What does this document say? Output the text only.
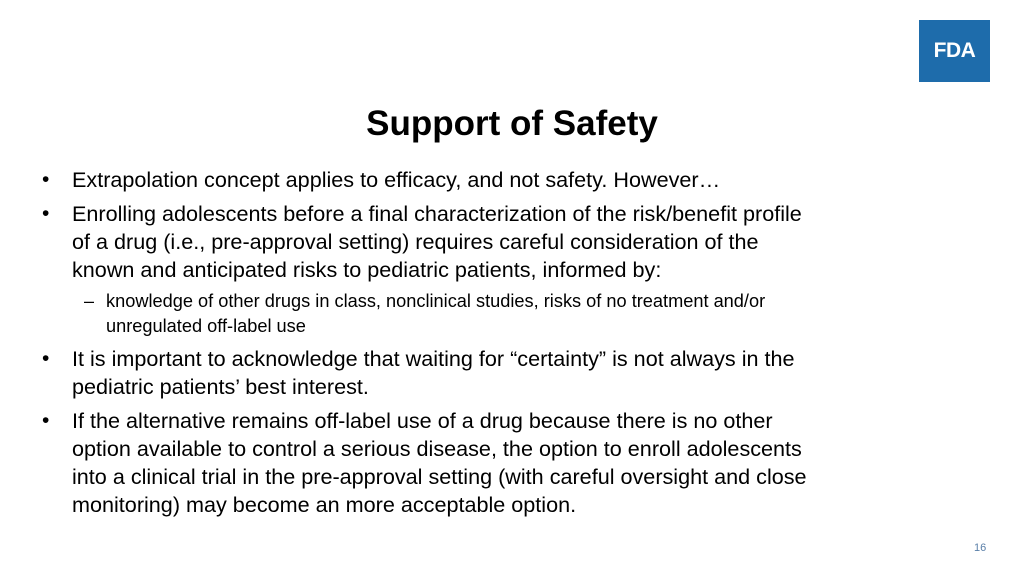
FDA
Support of Safety
• Extrapolation concept applies to efficacy, and not safety. However…
• Enrolling adolescents before a final characterization of the risk/benefit profile
of a drug (i.e., pre-approval setting) requires careful consideration of the
known and anticipated risks to pediatric patients, informed by:
– knowledge of other drugs in class, nonclinical studies, risks of no treatment and/or
unregulated off-label use
• It is important to acknowledge that waiting for “certainty” is not always in the
pediatric patients’ best interest.
• If the alternative remains off-label use of a drug because there is no other
option available to control a serious disease, the option to enroll adolescents
into a clinical trial in the pre-approval setting (with careful oversight and close
monitoring) may become an more acceptable option.
16
